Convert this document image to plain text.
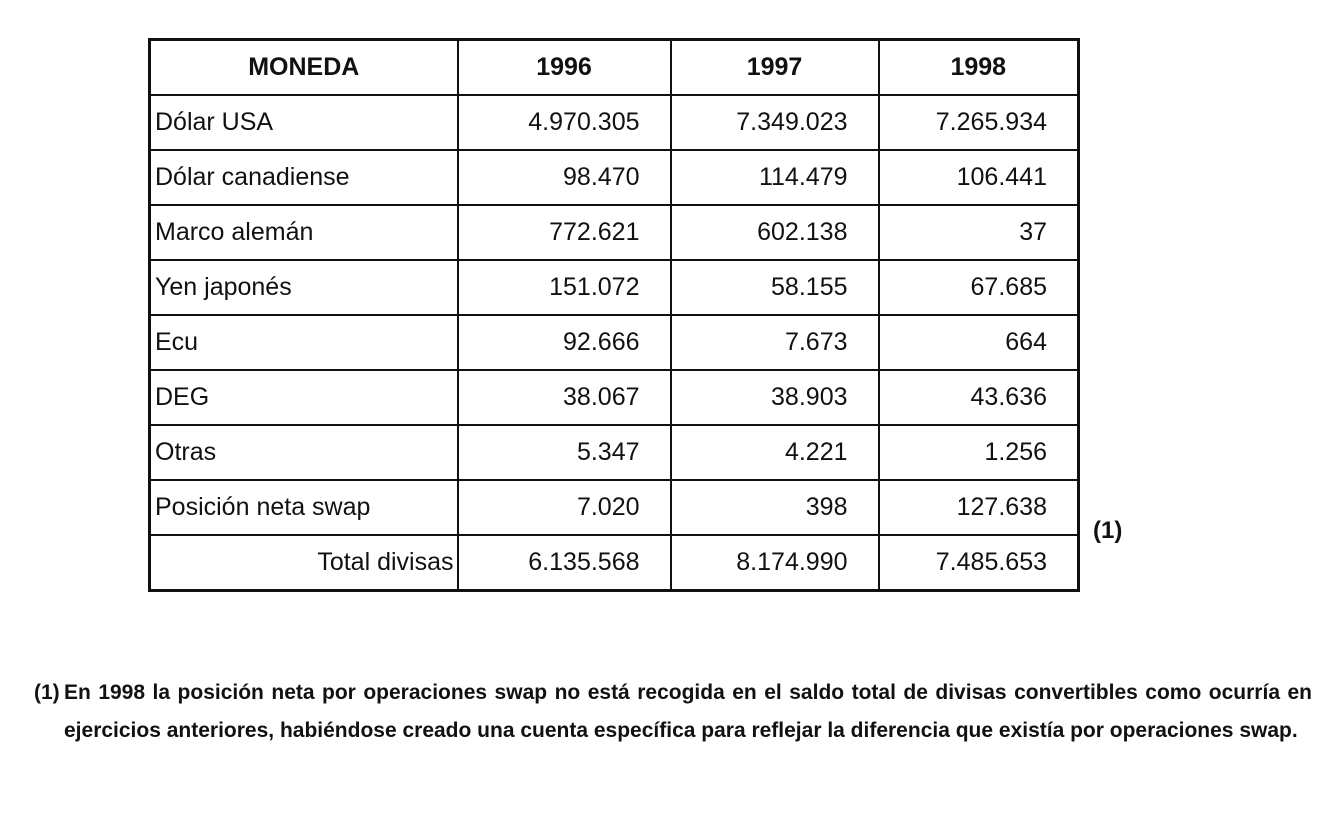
MONEDA	1996	1997	1998
Dólar USA	4.970.305	7.349.023	7.265.934
Dólar canadiense	98.470	114.479	106.441
Marco alemán	772.621	602.138	37
Yen japonés	151.072	58.155	67.685
Ecu	92.666	7.673	664
DEG	38.067	38.903	43.636
Otras	5.347	4.221	1.256
Posición neta swap	7.020	398	127.638
Total divisas	6.135.568	8.174.990	7.485.653
(1)
(1) En 1998 la posición neta por operaciones swap no está recogida en el saldo total de divisas convertibles como ocurría en ejercicios anteriores, habiéndose creado una cuenta específica para reflejar la diferencia que existía por operaciones swap.
